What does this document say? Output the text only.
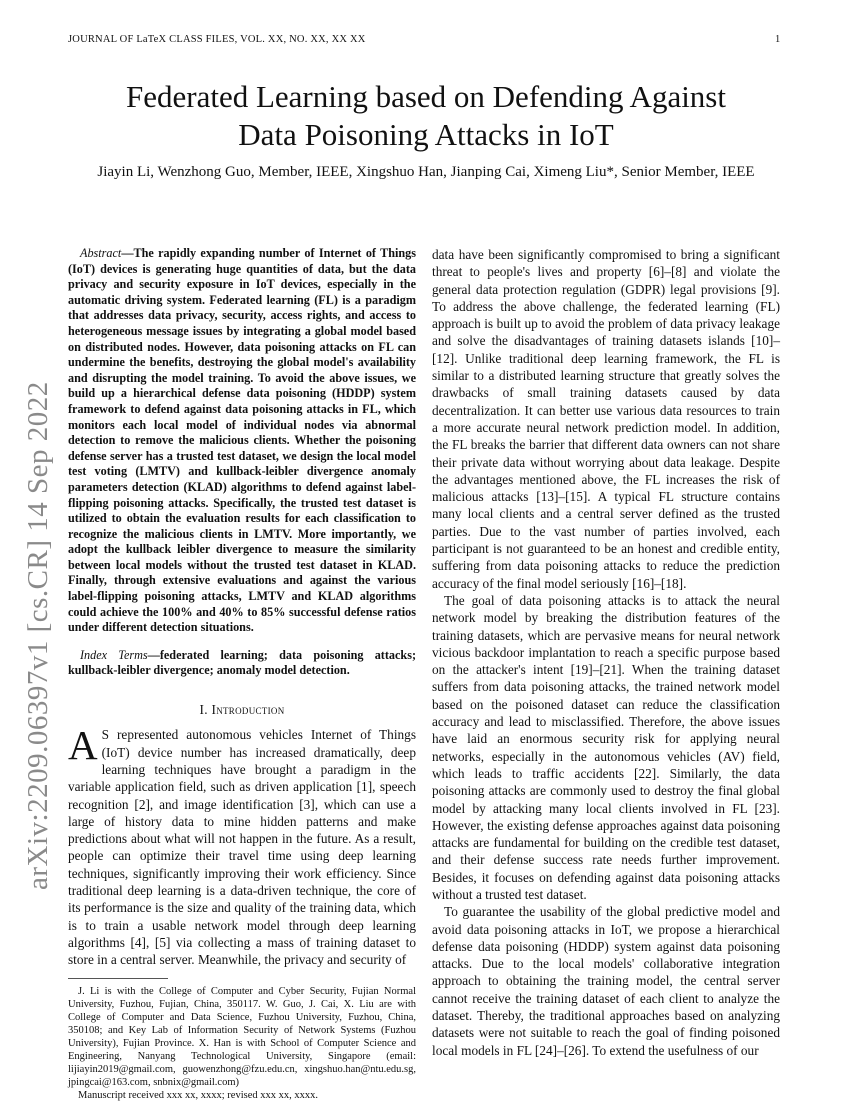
JOURNAL OF LaTeX CLASS FILES, VOL. XX, NO. XX, XX XX	1
arXiv:2209.06397v1 [cs.CR] 14 Sep 2022
Federated Learning based on Defending Against
Data Poisoning Attacks in IoT
Jiayin Li, Wenzhong Guo, Member, IEEE, Xingshuo Han, Jianping Cai, Ximeng Liu*, Senior Member, IEEE

Abstract—The rapidly expanding number of Internet of Things (IoT) devices is generating huge quantities of data, but the data privacy and security exposure in IoT devices, especially in the automatic driving system. Federated learning (FL) is a paradigm that addresses data privacy, security, access rights, and access to heterogeneous message issues by integrating a global model based on distributed nodes. However, data poisoning attacks on FL can undermine the benefits, destroying the global model's availability and disrupting the model training. To avoid the above issues, we build up a hierarchical defense data poisoning (HDDP) system framework to defend against data poisoning attacks in FL, which monitors each local model of individual nodes via abnormal detection to remove the malicious clients. Whether the poisoning defense server has a trusted test dataset, we design the local model test voting (LMTV) and kullback-leibler divergence anomaly parameters detection (KLAD) algorithms to defend against label-flipping poisoning attacks. Specifically, the trusted test dataset is utilized to obtain the evaluation results for each classification to recognize the malicious clients in LMTV. More importantly, we adopt the kullback leibler divergence to measure the similarity between local models without the trusted test dataset in KLAD. Finally, through extensive evaluations and against the various label-flipping poisoning attacks, LMTV and KLAD algorithms could achieve the 100% and 40% to 85% successful defense ratios under different detection situations.

Index Terms—federated learning; data poisoning attacks; kullback-leibler divergence; anomaly model detection.

I. Introduction

A S represented autonomous vehicles Internet of Things (IoT) device number has increased dramatically, deep learning techniques have brought a paradigm in the variable application field, such as driven application [1], speech recognition [2], and image identification [3], which can use a large of history data to mine hidden patterns and make predictions about what will not happen in the future. As a result, people can optimize their travel time using deep learning techniques, significantly improving their work efficiency. Since traditional deep learning is a data-driven technique, the core of its performance is the size and quality of the training data, which is to train a usable network model through deep learning algorithms [4], [5] via collecting a mass of training dataset to store in a central server. Meanwhile, the privacy and security of

J. Li is with the College of Computer and Cyber Security, Fujian Normal University, Fuzhou, Fujian, China, 350117. W. Guo, J. Cai, X. Liu are with College of Computer and Data Science, Fuzhou University, Fuzhou, China, 350108; and Key Lab of Information Security of Network Systems (Fuzhou University), Fujian Province. X. Han is with School of Computer Science and Engineering, Nanyang Technological University, Singapore (email: lijiayin2019@gmail.com, guowenzhong@fzu.edu.cn, xingshuo.han@ntu.edu.sg, jpingcai@163.com, snbnix@gmail.com)

Manuscript received xxx xx, xxxx; revised xxx xx, xxxx.

data have been significantly compromised to bring a significant threat to people's lives and property [6]–[8] and violate the general data protection regulation (GDPR) legal provisions [9]. To address the above challenge, the federated learning (FL) approach is built up to avoid the problem of data privacy leakage and solve the disadvantages of training datasets islands [10]–[12]. Unlike traditional deep learning framework, the FL is similar to a distributed learning structure that greatly solves the drawbacks of small training datasets caused by data decentralization. It can better use various data resources to train a more accurate neural network prediction model. In addition, the FL breaks the barrier that different data owners can not share their private data without worrying about data leakage. Despite the advantages mentioned above, the FL increases the risk of malicious attacks [13]–[15]. A typical FL structure contains many local clients and a central server defined as the trusted parties. Due to the vast number of parties involved, each participant is not guaranteed to be an honest and credible entity, suffering from data poisoning attacks to reduce the prediction accuracy of the final model seriously [16]–[18].

The goal of data poisoning attacks is to attack the neural network model by breaking the distribution features of the training datasets, which are pervasive means for neural network vicious backdoor implantation to reach a specific purpose based on the attacker's intent [19]–[21]. When the training dataset suffers from data poisoning attacks, the trained network model based on the poisoned dataset can reduce the classification accuracy and lead to misclassified. Therefore, the above issues have laid an enormous security risk for applying neural networks, especially in the autonomous vehicles (AV) field, which leads to traffic accidents [22]. Similarly, the data poisoning attacks are commonly used to destroy the final global model by attacking many local clients involved in FL [23]. However, the existing defense approaches against data poisoning attacks are fundamental for building on the credible test dataset, and their defense success rate needs further improvement. Besides, it focuses on defending against data poisoning attacks without a trusted test dataset.

To guarantee the usability of the global predictive model and avoid data poisoning attacks in IoT, we propose a hierarchical defense data poisoning (HDDP) system against data poisoning attacks. Due to the local models' collaborative integration approach to obtaining the training model, the central server cannot receive the training dataset of each client to analyze the dataset. Thereby, the traditional approaches based on analyzing datasets were not suitable to reach the goal of finding poisoned local models in FL [24]–[26]. To extend the usefulness of our
